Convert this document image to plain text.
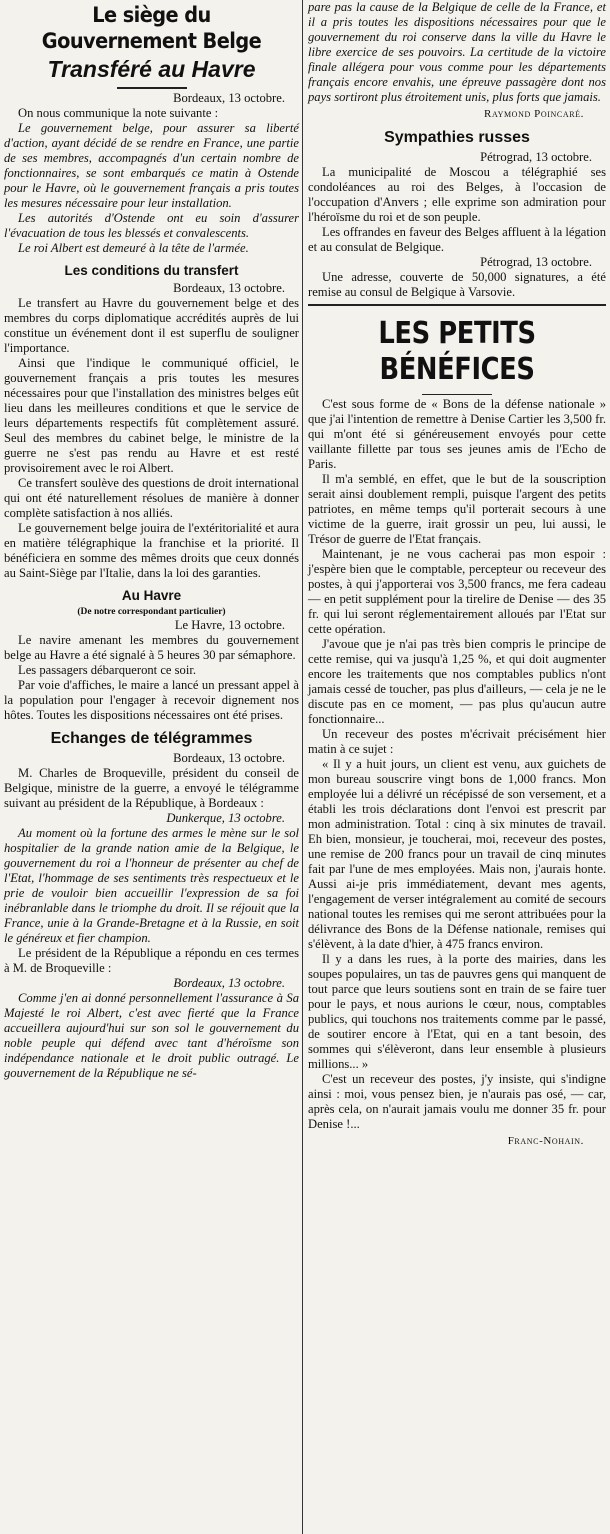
Le siège du Gouvernement Belge
Transféré au Havre

Bordeaux, 13 octobre.

On nous communique la note suivante :

Le gouvernement belge, pour assurer sa liberté d'action, ayant décidé de se rendre en France, une partie de ses membres, accompagnés d'un certain nombre de fonctionnaires, se sont embarqués ce matin à Ostende pour le Havre, où le gouvernement français a pris toutes les mesures nécessaire pour leur installation.

Les autorités d'Ostende ont eu soin d'assurer l'évacuation de tous les blessés et convalescents.

Le roi Albert est demeuré à la tête de l'armée.

Les conditions du transfert

Bordeaux, 13 octobre.

Le transfert au Havre du gouvernement belge et des membres du corps diplomatique accrédités auprès de lui constitue un événement dont il est superflu de souligner l'importance.

Ainsi que l'indique le communiqué officiel, le gouvernement français a pris toutes les mesures nécessaires pour que l'installation des ministres belges eût lieu dans les meilleures conditions et que le service de leurs départements respectifs fût complètement assuré. Seul des membres du cabinet belge, le ministre de la guerre ne s'est pas rendu au Havre et est resté provisoirement avec le roi Albert.

Ce transfert soulève des questions de droit international qui ont été naturellement résolues de manière à donner complète satisfaction à nos alliés.

Le gouvernement belge jouira de l'extéritorialité et aura en matière télégraphique la franchise et la priorité. Il bénéficiera en somme des mêmes droits que ceux donnés au Saint-Siège par l'Italie, dans la loi des garanties.

Au Havre

(De notre correspondant particulier)

Le Havre, 13 octobre.

Le navire amenant les membres du gouvernement belge au Havre a été signalé à 5 heures 30 par sémaphore.

Les passagers débarqueront ce soir.

Par voie d'affiches, le maire a lancé un pressant appel à la population pour l'engager à recevoir dignement nos hôtes. Toutes les dispositions nécessaires ont été prises.

Echanges de télégrammes

Bordeaux, 13 octobre.

M. Charles de Broqueville, président du conseil de Belgique, ministre de la guerre, a envoyé le télégramme suivant au président de la République, à Bordeaux :

Dunkerque, 13 octobre.

Au moment où la fortune des armes le mène sur le sol hospitalier de la grande nation amie de la Belgique, le gouvernement du roi a l'honneur de présenter au chef de l'Etat, l'hommage de ses sentiments très respectueux et le prie de vouloir bien accueillir l'expression de sa foi inébranlable dans le triomphe du droit. Il se réjouit que la France, unie à la Grande-Bretagne et à la Russie, en soit le généreux et fier champion.

Le président de la République a répondu en ces termes à M. de Broqueville :

Bordeaux, 13 octobre.

Comme j'en ai donné personnellement l'assurance à Sa Majesté le roi Albert, c'est avec fierté que la France accueillera aujourd'hui sur son sol le gouvernement du noble peuple qui défend avec tant d'héroïsme son indépendance nationale et le droit public outragé. Le gouvernement de la République ne sé-

pare pas la cause de la Belgique de celle de la France, et il a pris toutes les dispositions nécessaires pour que le gouvernement du roi conserve dans la ville du Havre le libre exercice de ses pouvoirs. La certitude de la victoire finale allégera pour vous comme pour les départements français encore envahis, une épreuve passagère dont nos pays sortiront plus étroitement unis, plus forts que jamais.

Raymond Poincaré.

Sympathies russes

Pétrograd, 13 octobre.

La municipalité de Moscou a télégraphié ses condoléances au roi des Belges, à l'occasion de l'occupation d'Anvers ; elle exprime son admiration pour l'héroïsme du roi et de son peuple.

Les offrandes en faveur des Belges affluent à la légation et au consulat de Belgique.

Pétrograd, 13 octobre.

Une adresse, couverte de 50,000 signatures, a été remise au consul de Belgique à Varsovie.

LES PETITS BÉNÉFICES

C'est sous forme de « Bons de la défense nationale » que j'ai l'intention de remettre à Denise Cartier les 3,500 fr. qui m'ont été si généreusement envoyés pour cette vaillante fillette par tous ses jeunes amis de l'Echo de Paris.

Il m'a semblé, en effet, que le but de la souscription serait ainsi doublement rempli, puisque l'argent des petits patriotes, en même temps qu'il porterait secours à une victime de la guerre, irait grossir un peu, lui aussi, le Trésor de guerre de l'Etat français.

Maintenant, je ne vous cacherai pas mon espoir : j'espère bien que le comptable, percepteur ou receveur des postes, à qui j'apporterai vos 3,500 francs, me fera cadeau — en petit supplément pour la tirelire de Denise — des 35 fr. qui lui seront réglementairement alloués par l'Etat sur cette opération.

J'avoue que je n'ai pas très bien compris le principe de cette remise, qui va jusqu'à 1,25 %, et qui doit augmenter encore les traitements que nos comptables publics n'ont jamais cessé de toucher, pas plus d'ailleurs, — cela je ne le discute pas en ce moment, — pas plus qu'aucun autre fonctionnaire...

Un receveur des postes m'écrivait précisément hier matin à ce sujet :

« Il y a huit jours, un client est venu, aux guichets de mon bureau souscrire vingt bons de 1,000 francs. Mon employée lui a délivré un récépissé de son versement, et a établi les trois déclarations dont l'envoi est prescrit par mon administration. Total : cinq à six minutes de travail. Eh bien, monsieur, je toucherai, moi, receveur des postes, une remise de 200 francs pour un travail de cinq minutes fait par l'une de mes employées. Mais non, j'aurais honte. Aussi ai-je pris immédiatement, devant mes agents, l'engagement de verser intégralement au comité de secours national toutes les remises qui me seront attribuées pour la délivrance des Bons de la Défense nationale, remises qui s'élèvent, à la date d'hier, à 475 francs environ.

Il y a dans les rues, à la porte des mairies, dans les soupes populaires, un tas de pauvres gens qui manquent de tout parce que leurs soutiens sont en train de se faire tuer pour le pays, et nous aurions le cœur, nous, comptables publics, qui touchons nos traitements comme par le passé, de soutirer encore à l'Etat, qui en a tant besoin, des sommes qui s'élèveront, dans leur ensemble à plusieurs millions... »

C'est un receveur des postes, j'y insiste, qui s'indigne ainsi : moi, vous pensez bien, je n'aurais pas osé, — car, après cela, on n'aurait jamais voulu me donner 35 fr. pour Denise !...

Franc-Nohain.
